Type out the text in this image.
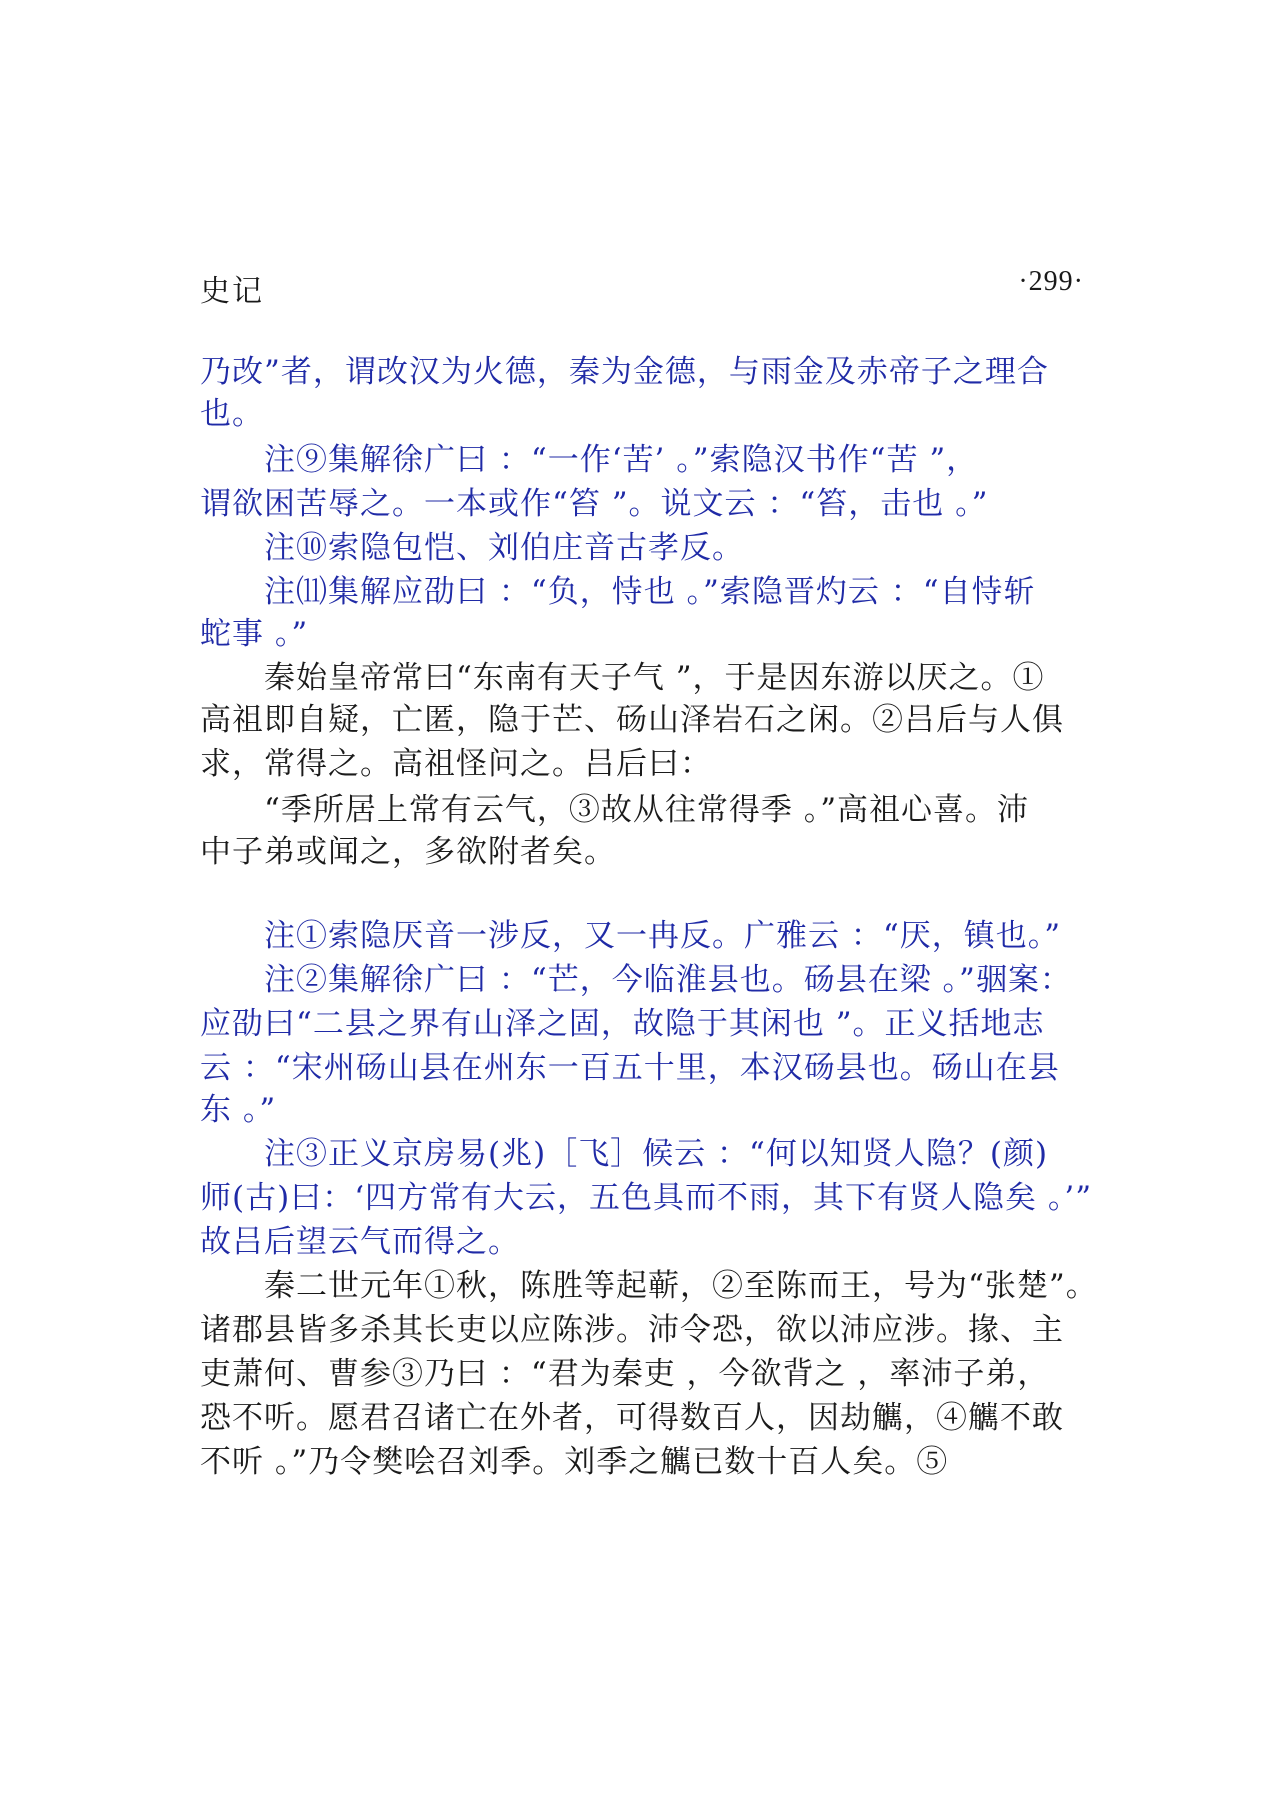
史记	·299·
乃改”者，谓改汉为火德，秦为金德，与雨金及赤帝子之理合
也。
注⑨集解徐广曰 ：“一作‘苦’ 。”索隐汉书作“苦 ”，
谓欲困苦辱之。一本或作“笞 ”。说文云 ：“笞，击也 。”
注⑩索隐包恺、刘伯庄音古孝反。
注⑾集解应劭曰 ：“负，恃也 。”索隐晋灼云 ：“自恃斩
蛇事 。”
秦始皇帝常曰“东南有天子气 ”，于是因东游以厌之。①
高祖即自疑，亡匿，隐于芒、砀山泽岩石之闲。②吕后与人俱
求，常得之。高祖怪问之。吕后曰：
“季所居上常有云气，③故从往常得季 。”高祖心喜。沛
中子弟或闻之，多欲附者矣。
注①索隐厌音一涉反，又一冉反。广雅云 ：“厌，镇也。”
注②集解徐广曰 ：“芒，今临淮县也。砀县在梁 。”骃案：
应劭曰“二县之界有山泽之固，故隐于其闲也 ”。正义括地志
云 ：“宋州砀山县在州东一百五十里，本汉砀县也。砀山在县
东 。”
注③正义京房易(兆)［飞］候云 ：“何以知贤人隐？(颜)
师(古)曰：‘四方常有大云，五色具而不雨，其下有贤人隐矣 。’”
故吕后望云气而得之。
秦二世元年①秋，陈胜等起蕲，②至陈而王，号为“张楚”。
诸郡县皆多杀其长吏以应陈涉。沛令恐，欲以沛应涉。掾、主
吏萧何、曹参③乃曰 ：“君为秦吏 ，今欲背之 ，率沛子弟，
恐不听。愿君召诸亡在外者，可得数百人，因劫觽，④觽不敢
不听 。”乃令樊哙召刘季。刘季之觽已数十百人矣。⑤
